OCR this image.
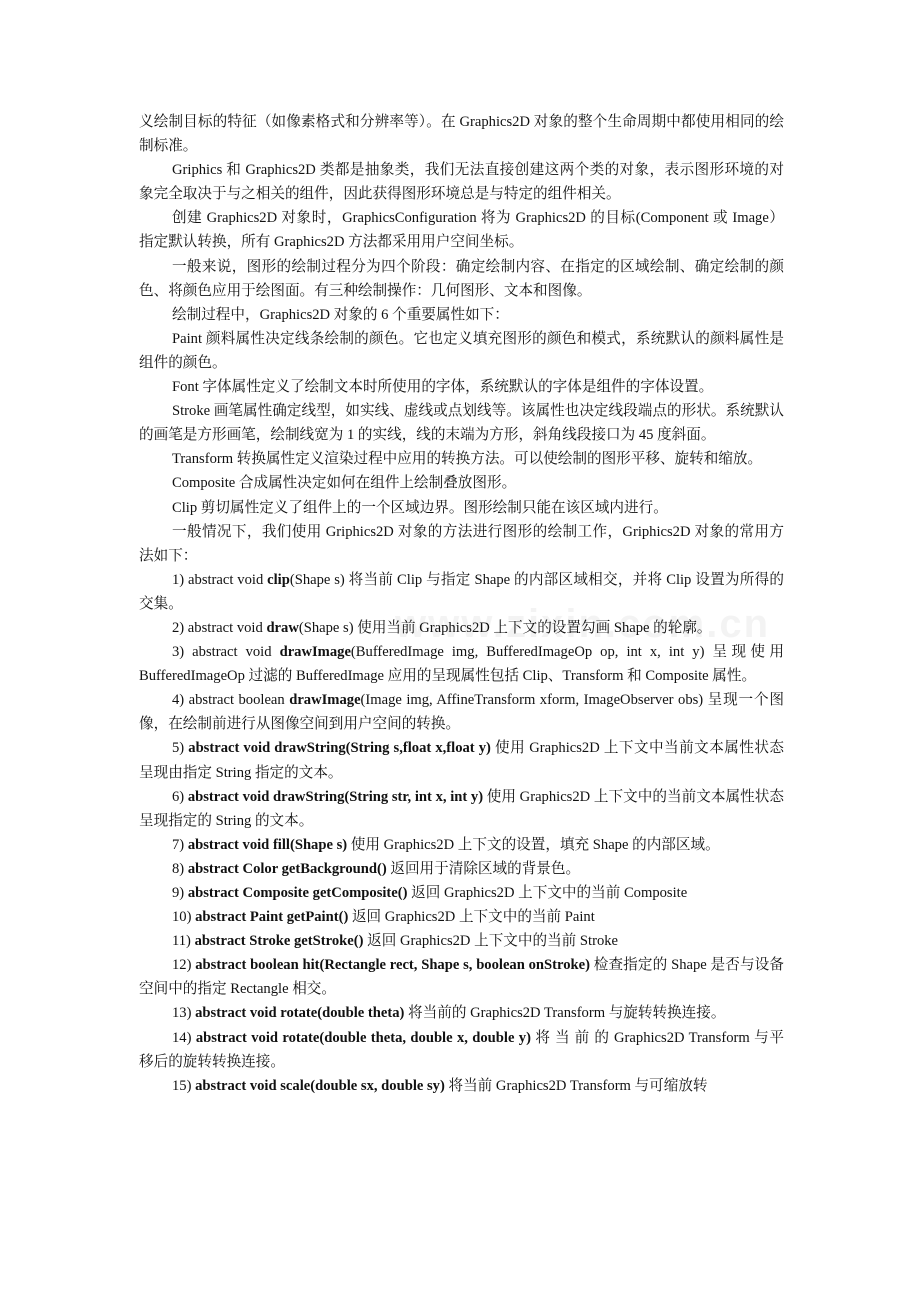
义绘制目标的特征（如像素格式和分辨率等）。在 Graphics2D 对象的整个生命周期中都使用相同的绘制标准。

Griphics 和 Graphics2D 类都是抽象类，我们无法直接创建这两个类的对象，表示图形环境的对象完全取决于与之相关的组件，因此获得图形环境总是与特定的组件相关。

创建 Graphics2D 对象时，GraphicsConfiguration 将为 Graphics2D 的目标(Component 或 Image）指定默认转换，所有 Graphics2D 方法都采用用户空间坐标。

一般来说，图形的绘制过程分为四个阶段：确定绘制内容、在指定的区域绘制、确定绘制的颜色、将颜色应用于绘图面。有三种绘制操作：几何图形、文本和图像。

绘制过程中，Graphics2D 对象的 6 个重要属性如下：

Paint 颜料属性决定线条绘制的颜色。它也定义填充图形的颜色和模式，系统默认的颜料属性是组件的颜色。

Font 字体属性定义了绘制文本时所使用的字体，系统默认的字体是组件的字体设置。

Stroke 画笔属性确定线型，如实线、虚线或点划线等。该属性也决定线段端点的形状。系统默认的画笔是方形画笔，绘制线宽为 1 的实线，线的末端为方形，斜角线段接口为 45 度斜面。

Transform 转换属性定义渲染过程中应用的转换方法。可以使绘制的图形平移、旋转和缩放。

Composite 合成属性决定如何在组件上绘制叠放图形。

Clip 剪切属性定义了组件上的一个区域边界。图形绘制只能在该区域内进行。

一般情况下，我们使用 Griphics2D 对象的方法进行图形的绘制工作，Griphics2D 对象的常用方法如下：

1) abstract void clip(Shape s) 将当前 Clip 与指定 Shape 的内部区域相交，并将 Clip 设置为所得的交集。

2) abstract void draw(Shape s) 使用当前 Graphics2D 上下文的设置勾画 Shape 的轮廓。

3) abstract void drawImage(BufferedImage img, BufferedImageOp op, int x, int y) 呈现使用 BufferedImageOp 过滤的 BufferedImage 应用的呈现属性包括 Clip、Transform 和 Composite 属性。

4) abstract boolean drawImage(Image img, AffineTransform xform, ImageObserver obs) 呈现一个图像，在绘制前进行从图像空间到用户空间的转换。

5) abstract void drawString(String s,float x,float y) 使用 Graphics2D 上下文中当前文本属性状态呈现由指定 String 指定的文本。

6) abstract void drawString(String str, int x, int y) 使用 Graphics2D 上下文中的当前文本属性状态呈现指定的 String 的文本。

7) abstract void fill(Shape s) 使用 Graphics2D 上下文的设置，填充 Shape 的内部区域。

8) abstract Color getBackground() 返回用于清除区域的背景色。

9) abstract Composite getComposite() 返回 Graphics2D 上下文中的当前 Composite

10) abstract Paint getPaint() 返回 Graphics2D 上下文中的当前 Paint

11) abstract Stroke getStroke() 返回 Graphics2D 上下文中的当前 Stroke

12) abstract boolean hit(Rectangle rect, Shape s, boolean onStroke) 检查指定的 Shape 是否与设备空间中的指定 Rectangle 相交。

13) abstract void rotate(double theta) 将当前的 Graphics2D Transform 与旋转转换连接。

14) abstract void rotate(double theta, double x, double y) 将 当 前 的 Graphics2D Transform 与平移后的旋转转换连接。

15) abstract void scale(double sx, double sy) 将当前 Graphics2D Transform 与可缩放转
